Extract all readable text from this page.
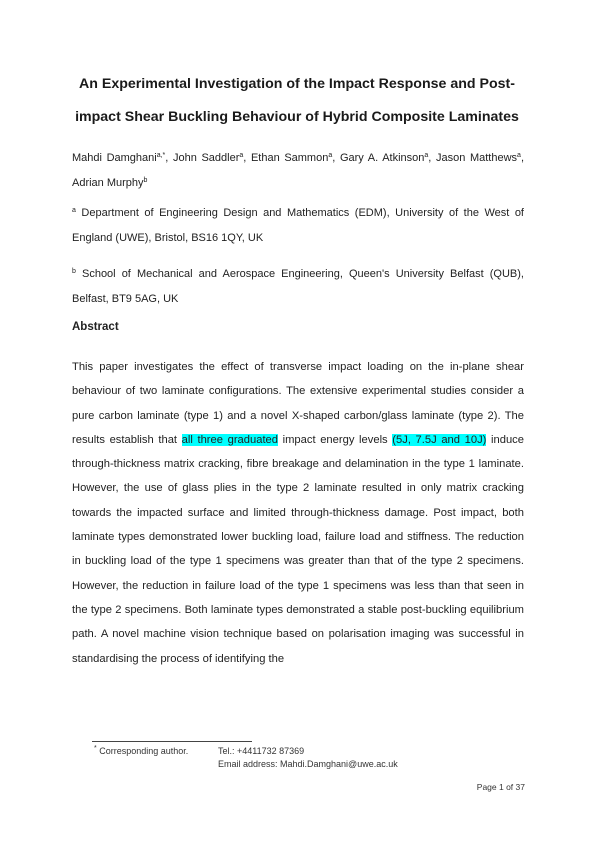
An Experimental Investigation of the Impact Response and Post-impact Shear Buckling Behaviour of Hybrid Composite Laminates
Mahdi Damghani$^{a,*}$, John Saddler$^a$, Ethan Sammon$^a$, Gary A. Atkinson$^a$, Jason Matthews$^a$, Adrian Murphy$^b$
$^a$ Department of Engineering Design and Mathematics (EDM), University of the West of England (UWE), Bristol, BS16 1QY, UK
$^b$ School of Mechanical and Aerospace Engineering, Queen's University Belfast (QUB), Belfast, BT9 5AG, UK
Abstract
This paper investigates the effect of transverse impact loading on the in-plane shear behaviour of two laminate configurations. The extensive experimental studies consider a pure carbon laminate (type 1) and a novel X-shaped carbon/glass laminate (type 2). The results establish that all three graduated impact energy levels (5J, 7.5J and 10J) induce through-thickness matrix cracking, fibre breakage and delamination in the type 1 laminate. However, the use of glass plies in the type 2 laminate resulted in only matrix cracking towards the impacted surface and limited through-thickness damage. Post impact, both laminate types demonstrated lower buckling load, failure load and stiffness. The reduction in buckling load of the type 1 specimens was greater than that of the type 2 specimens. However, the reduction in failure load of the type 1 specimens was less than that seen in the type 2 specimens. Both laminate types demonstrated a stable post-buckling equilibrium path. A novel machine vision technique based on polarisation imaging was successful in standardising the process of identifying the
* Corresponding author.	Tel.: +4411732 87369
Email address: Mahdi.Damghani@uwe.ac.uk
Page 1 of 37
